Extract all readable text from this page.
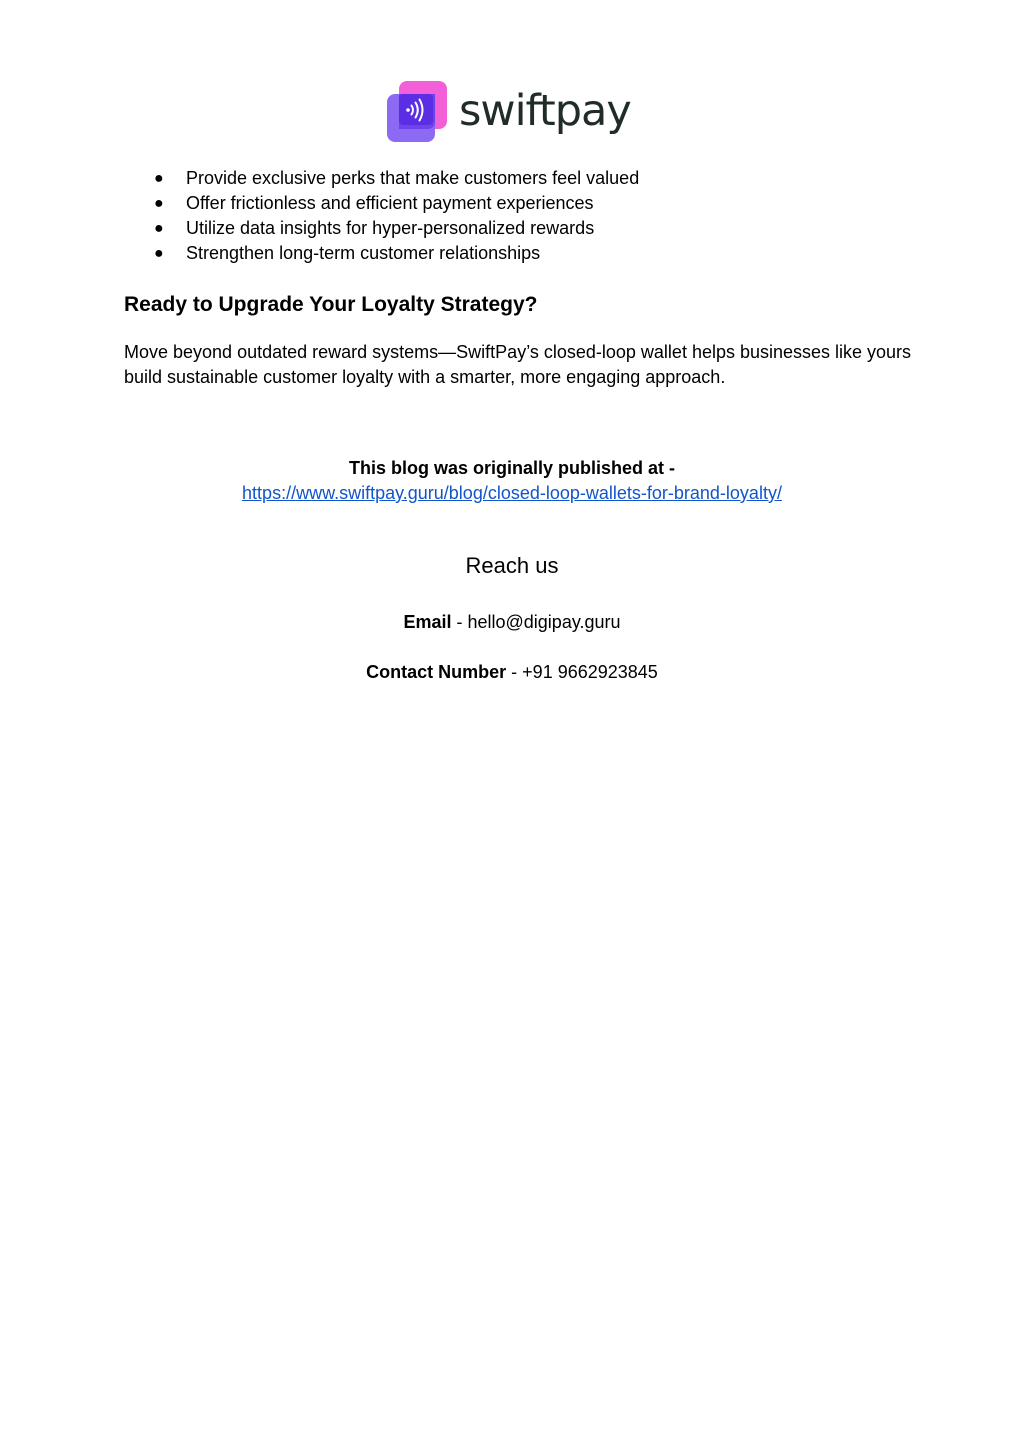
swiftpay
● Provide exclusive perks that make customers feel valued
● Offer frictionless and efficient payment experiences
● Utilize data insights for hyper-personalized rewards
● Strengthen long-term customer relationships
Ready to Upgrade Your Loyalty Strategy?

Move beyond outdated reward systems—SwiftPay’s closed-loop wallet helps businesses like yours build sustainable customer loyalty with a smarter, more engaging approach.

This blog was originally published at -
https://www.swiftpay.guru/blog/closed-loop-wallets-for-brand-loyalty/
Reach us
Email - hello@digipay.guru
Contact Number - +91 9662923845
